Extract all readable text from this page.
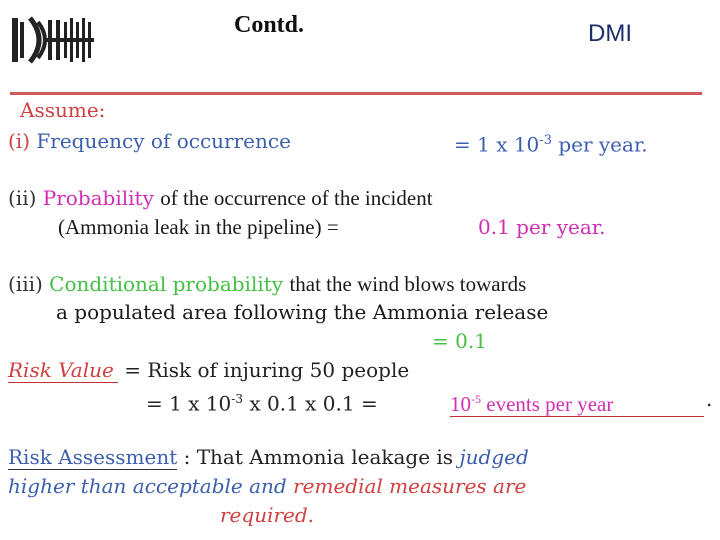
Contd.	DMI
Assume:
(i) Frequency of occurrence	= 1 x $10^{-3}$ per year.
(ii) Probability of the occurrence of the incident
(Ammonia leak in the pipeline) =	0.1 per year.
(iii) Conditional probability that the wind blows towards
a populated area following the Ammonia release
= 0.1
Risk Value = Risk of injuring 50 people
= 1 x $10^{-3}$ x 0.1 x 0.1 =	$10^{-5}$ events per year	.
Risk Assessment : That Ammonia leakage is judged
higher than acceptable and remedial measures are
required.
